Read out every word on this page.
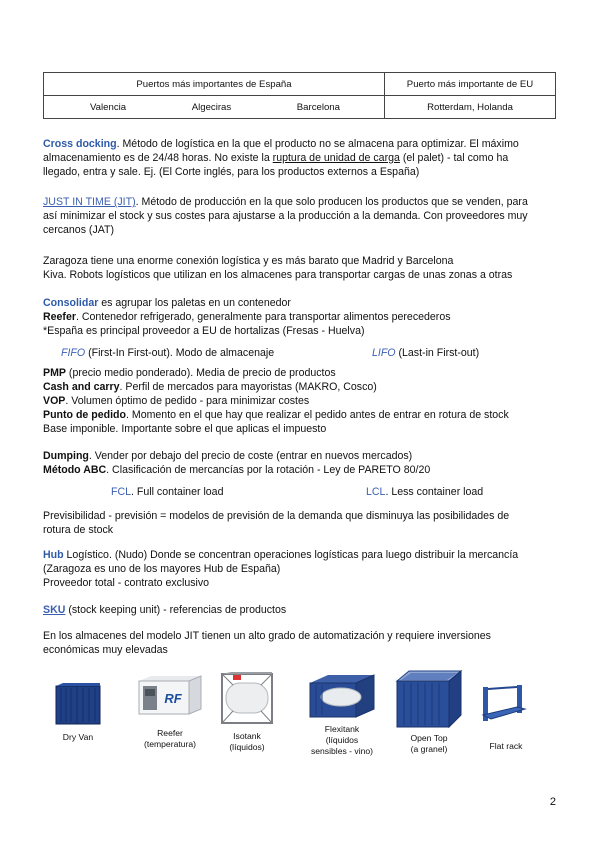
Puertos más importantes de España	Puerto más importante de EU

Valencia Algeciras Barcelona	Rotterdam, Holanda
Cross docking. Método de logística en la que el producto no se almacena para optimizar. El máximo
almacenamiento es de 24/48 horas. No existe la ruptura de unidad de carga (el palet) - tal como ha
llegado, entra y sale. Ej. (El Corte inglés, para los productos externos a España)
JUST IN TIME (JIT). Método de producción en la que solo producen los productos que se venden, para
así minimizar el stock y sus costes para ajustarse a la producción a la demanda. Con proveedores muy
cercanos (JAT)
Zaragoza tiene una enorme conexión logística y es más barato que Madrid y Barcelona
Kiva. Robots logísticos que utilizan en los almacenes para transportar cargas de unas zonas a otras
Consolidar es agrupar los paletas en un contenedor
Reefer. Contenedor refrigerado, generalmente para transportar alimentos perecederos
*España es principal proveedor a EU de hortalizas (Fresas - Huelva)
FIFO (First-In First-out). Modo de almacenaje	LIFO (Last-in First-out)
PMP (precio medio ponderado). Media de precio de productos
Cash and carry. Perfil de mercados para mayoristas (MAKRO, Cosco)
VOP. Volumen óptimo de pedido - para minimizar costes
Punto de pedido. Momento en el que hay que realizar el pedido antes de entrar en rotura de stock
Base imponible. Importante sobre el que aplicas el impuesto
Dumping. Vender por debajo del precio de coste (entrar en nuevos mercados)
Método ABC. Clasificación de mercancías por la rotación - Ley de PARETO 80/20
FCL. Full container load	LCL. Less container load
Previsibilidad - previsión = modelos de previsión de la demanda que disminuya las posibilidades de
rotura de stock
Hub Logístico. (Nudo) Donde se concentran operaciones logísticas para luego distribuir la mercancía
(Zaragoza es uno de los mayores Hub de España)
Proveedor total - contrato exclusivo
SKU (stock keeping unit) - referencias de productos
En los almacenes del modelo JIT tienen un alto grado de automatización y requiere inversiones
económicas muy elevadas
RF
Dry Van	Reefer
(temperatura)
Isotank
(líquidos)
Flexitank
(líquidos
sensibles - vino)
Open Top
(a granel)	Flat rack
2
